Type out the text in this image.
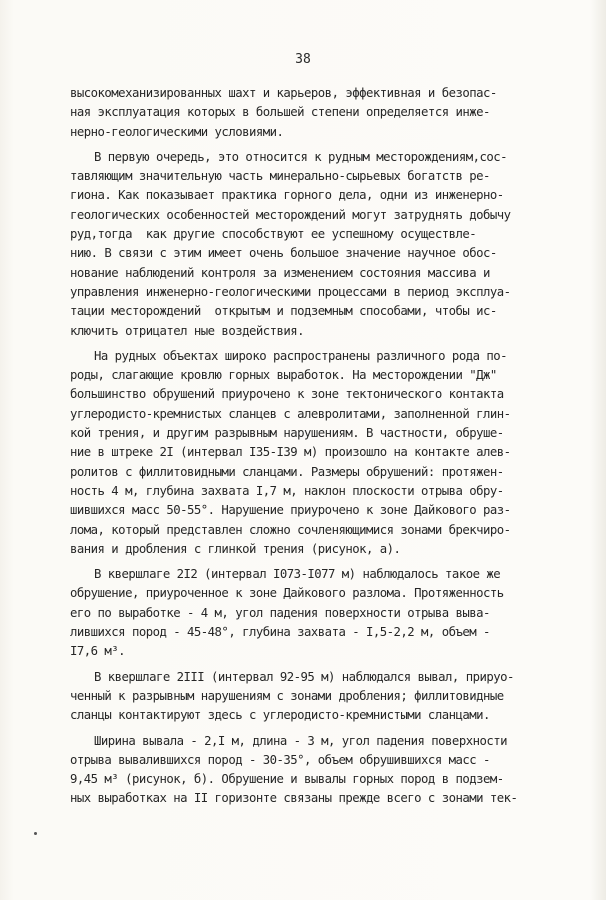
38
высокомеханизированных шахт и карьеров, эффективная и безопас-
ная эксплуатация которых в большей степени определяется инже-
нерно-геологическими условиями.
В первую очередь, это относится к рудным месторождениям,сос-
тавляющим значительную часть минерально-сырьевых богатств ре-
гиона. Как показывает практика горного дела, одни из инженерно-
геологических особенностей месторождений могут затруднять добычу
руд,тогда  как другие способствуют ее успешному осуществле-
нию. В связи с этим имеет очень большое значение научное обос-
нование наблюдений контроля за изменением состояния массива и
управления инженерно-геологическими процессами в период эксплуа-
тации месторождений  открытым и подземным способами, чтобы ис-
ключить отрицател ные воздействия.
На рудных объектах широко распространены различного рода по-
роды, слагающие кровлю горных выработок. На месторождении "Дж"
большинство обрушений приурочено к зоне тектонического контакта
углеродисто-кремнистых сланцев с алевролитами, заполненной глин-
кой трения, и другим разрывным нарушениям. В частности, обруше-
ние в штреке 2I (интервал I35-I39 м) произошло на контакте алев-
ролитов с филлитовидными сланцами. Размеры обрушений: протяжен-
ность 4 м, глубина захвата I,7 м, наклон плоскости отрыва обру-
шившихся масс 50-55°. Нарушение приурочено к зоне Дайкового раз-
лома, который представлен сложно сочленяющимися зонами брекчиро-
вания и дробления с глинкой трения (рисунок, а).
В квершлаге 2I2 (интервал I073-I077 м) наблюдалось такое же
обрушение, приуроченное к зоне Дайкового разлома. Протяженность
его по выработке - 4 м, угол падения поверхности отрыва выва-
лившихся пород - 45-48°, глубина захвата - I,5-2,2 м, объем -
I7,6 м³.
В квершлаге 2III (интервал 92-95 м) наблюдался вывал, прируо-
ченный к разрывным нарушениям с зонами дробления; филлитовидные
сланцы контактируют здесь с углеродисто-кремнистыми сланцами.
Ширина вывала - 2,I м, длина - 3 м, угол падения поверхности
отрыва вывалившихся пород - 30-35°, объем обрушившихся масс -
9,45 м³ (рисунок, б). Обрушение и вывалы горных пород в подзем-
ных выработках на II горизонте связаны прежде всего с зонами тек-
